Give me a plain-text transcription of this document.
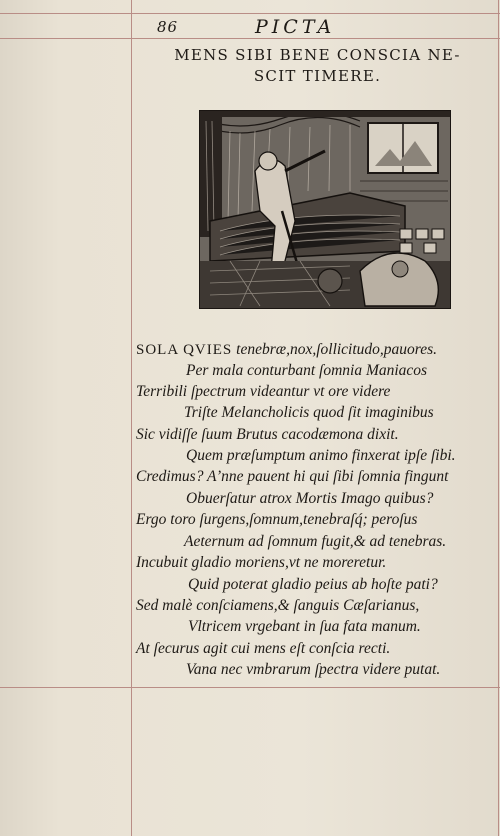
86	PICTA
MENS SIBI BENE CONSCIA NE-
SCIT TIMERE.
SOLA QVIES tenebræ,nox,ſollicitudo,pauores.
Per mala conturbant ſomnia Maniacos
Terribili ſpectrum videantur vt ore videre
Triſte Melancholicis quod ſit imaginibus
Sic vidiſſe ſuum Brutus cacodæmona dixit.
Quem præſumptum animo finxerat ipſe ſibi.
Credimus? A’nne pauent hi qui ſibi ſomnia fingunt
Obuerſatur atrox Mortis Imago quibus?
Ergo toro ſurgens,ſomnum,tenebraſq́; peroſus
Aeternum ad ſomnum fugit,& ad tenebras.
Incubuit gladio moriens,vt ne moreretur.
Quid poterat gladio peius ab hoſte pati?
Sed malè conſciamens,& ſanguis Cæſarianus,
Vltricem vrgebant in ſua fata manum.
At ſecurus agit cui mens eſt conſcia recti.
Vana nec vmbrarum ſpectra videre putat.
